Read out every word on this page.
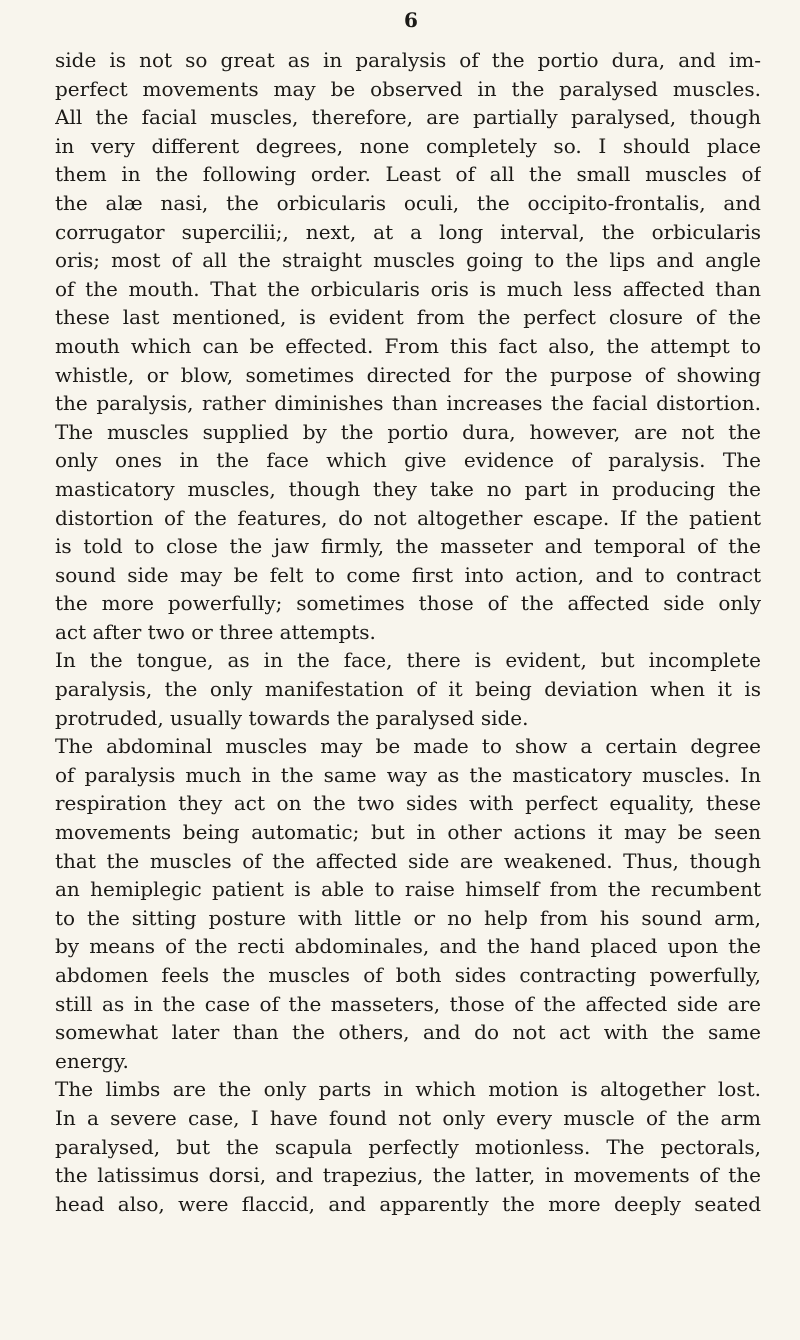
6
side is not so great as in paralysis of the portio dura, and im-
perfect movements may be observed in the paralysed muscles.
All the facial muscles, therefore, are partially paralysed, though
in very different degrees, none completely so. I should place
them in the following order. Least of all the small muscles of
the alæ nasi, the orbicularis oculi, the occipito-frontalis, and
corrugator supercilii;, next, at a long interval, the orbicularis
oris; most of all the straight muscles going to the lips and angle
of the mouth. That the orbicularis oris is much less affected than
these last mentioned, is evident from the perfect closure of the
mouth which can be effected. From this fact also, the attempt to
whistle, or blow, sometimes directed for the purpose of showing
the paralysis, rather diminishes than increases the facial distortion.
The muscles supplied by the portio dura, however, are not the
only ones in the face which give evidence of paralysis. The
masticatory muscles, though they take no part in producing the
distortion of the features, do not altogether escape. If the patient
is told to close the jaw firmly, the masseter and temporal of the
sound side may be felt to come first into action, and to contract
the more powerfully; sometimes those of the affected side only
act after two or three attempts.
In the tongue, as in the face, there is evident, but incomplete
paralysis, the only manifestation of it being deviation when it is
protruded, usually towards the paralysed side.
The abdominal muscles may be made to show a certain degree
of paralysis much in the same way as the masticatory muscles. In
respiration they act on the two sides with perfect equality, these
movements being automatic; but in other actions it may be seen
that the muscles of the affected side are weakened. Thus, though
an hemiplegic patient is able to raise himself from the recumbent
to the sitting posture with little or no help from his sound arm,
by means of the recti abdominales, and the hand placed upon the
abdomen feels the muscles of both sides contracting powerfully,
still as in the case of the masseters, those of the affected side are
somewhat later than the others, and do not act with the same
energy.
The limbs are the only parts in which motion is altogether lost.
In a severe case, I have found not only every muscle of the arm
paralysed, but the scapula perfectly motionless. The pectorals,
the latissimus dorsi, and trapezius, the latter, in movements of the
head also, were flaccid, and apparently the more deeply seated
